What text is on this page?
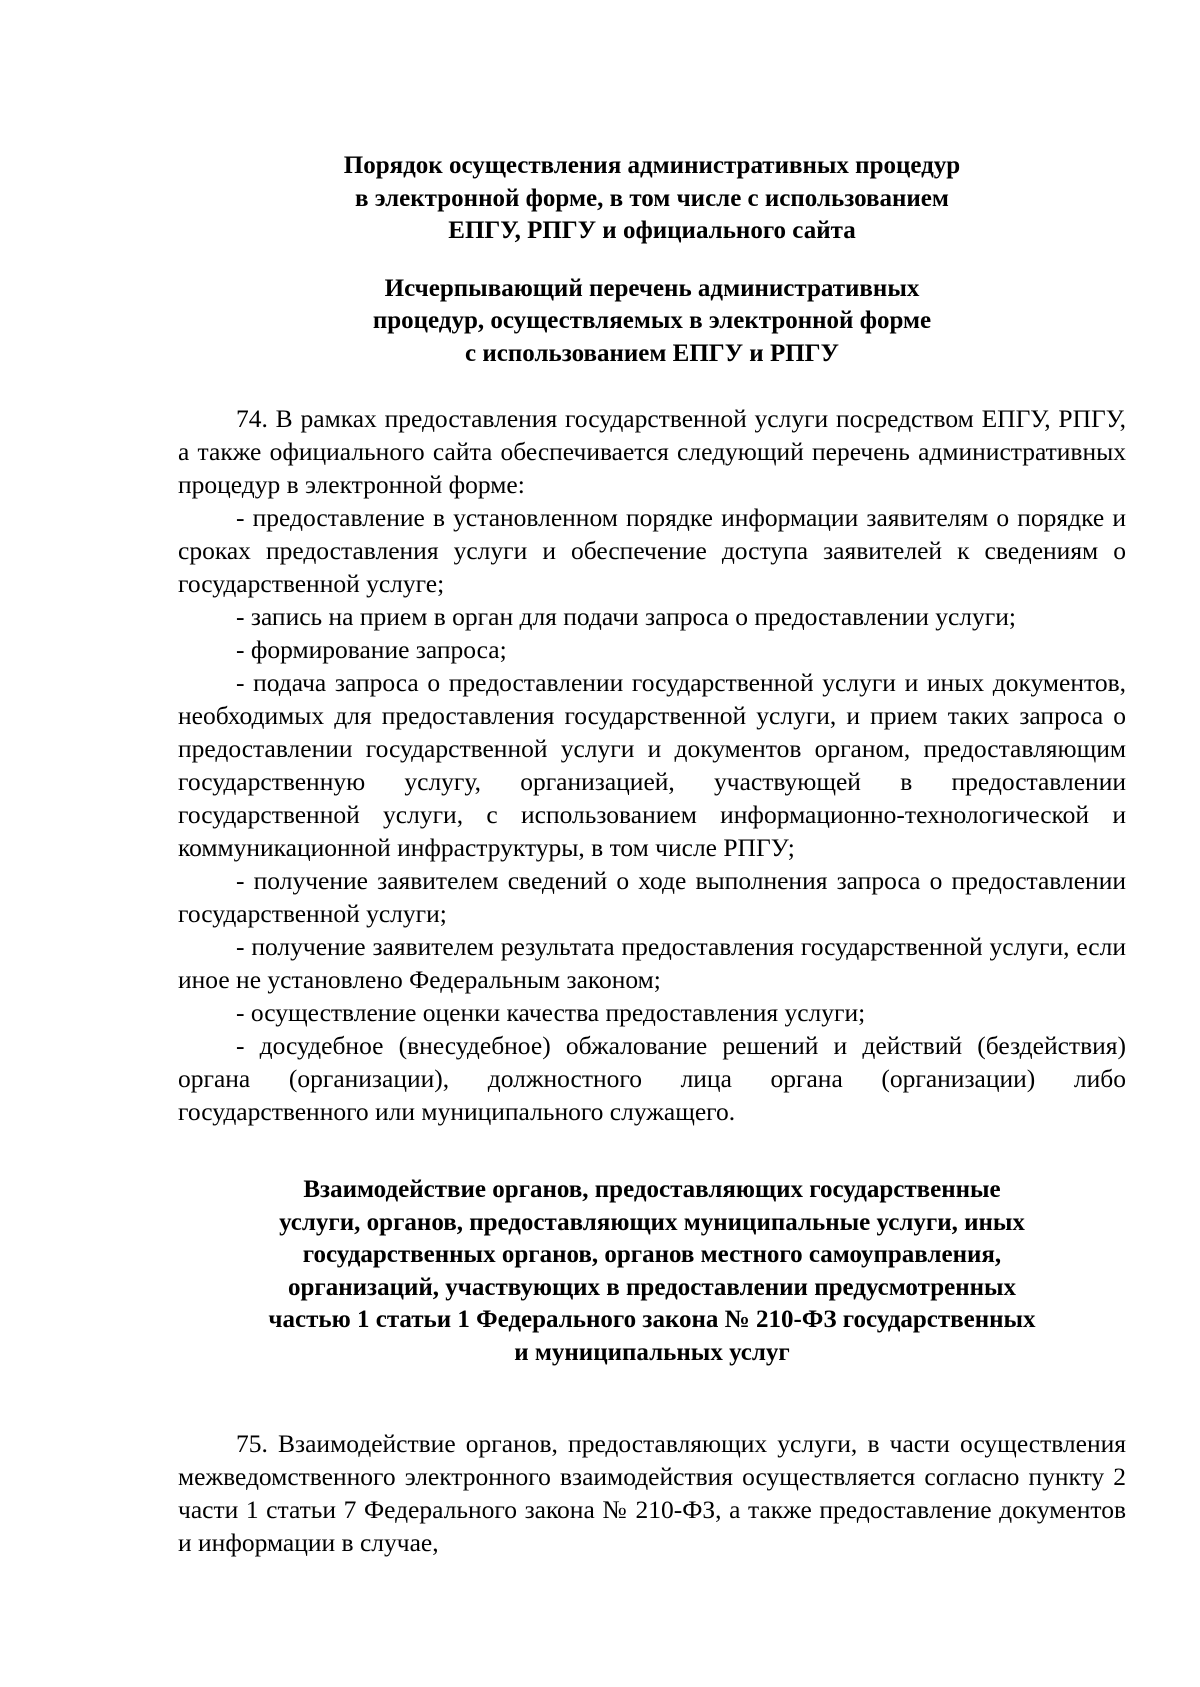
Порядок осуществления административных процедур
в электронной форме, в том числе с использованием
ЕПГУ, РПГУ и официального сайта
Исчерпывающий перечень административных
процедур, осуществляемых в электронной форме
с использованием ЕПГУ и РПГУ

74. В рамках предоставления государственной услуги посредством ЕПГУ, РПГУ, а также официального сайта обеспечивается следующий перечень административных процедур в электронной форме:

- предоставление в установленном порядке информации заявителям о порядке и сроках предоставления услуги и обеспечение доступа заявителей к сведениям о государственной услуге;

- запись на прием в орган для подачи запроса о предоставлении услуги;

- формирование запроса;

- подача запроса о предоставлении государственной услуги и иных документов, необходимых для предоставления государственной услуги, и прием таких запроса о предоставлении государственной услуги и документов органом, предоставляющим государственную услугу, организацией, участвующей в предоставлении государственной услуги, с использованием информационно-технологической и коммуникационной инфраструктуры, в том числе РПГУ;

- получение заявителем сведений о ходе выполнения запроса о предоставлении государственной услуги;

- получение заявителем результата предоставления государственной услуги, если иное не установлено Федеральным законом;

- осуществление оценки качества предоставления услуги;

- досудебное (внесудебное) обжалование решений и действий (бездействия) органа (организации), должностного лица органа (организации) либо государственного или муниципального служащего.

Взаимодействие органов, предоставляющих государственные
услуги, органов, предоставляющих муниципальные услуги, иных
государственных органов, органов местного самоуправления,
организаций, участвующих в предоставлении предусмотренных
частью 1 статьи 1 Федерального закона № 210-ФЗ государственных
и муниципальных услуг

75. Взаимодействие органов, предоставляющих услуги, в части осуществления межведомственного электронного взаимодействия осуществляется согласно пункту 2 части 1 статьи 7 Федерального закона № 210-ФЗ, а также предоставление документов и информации в случае,
